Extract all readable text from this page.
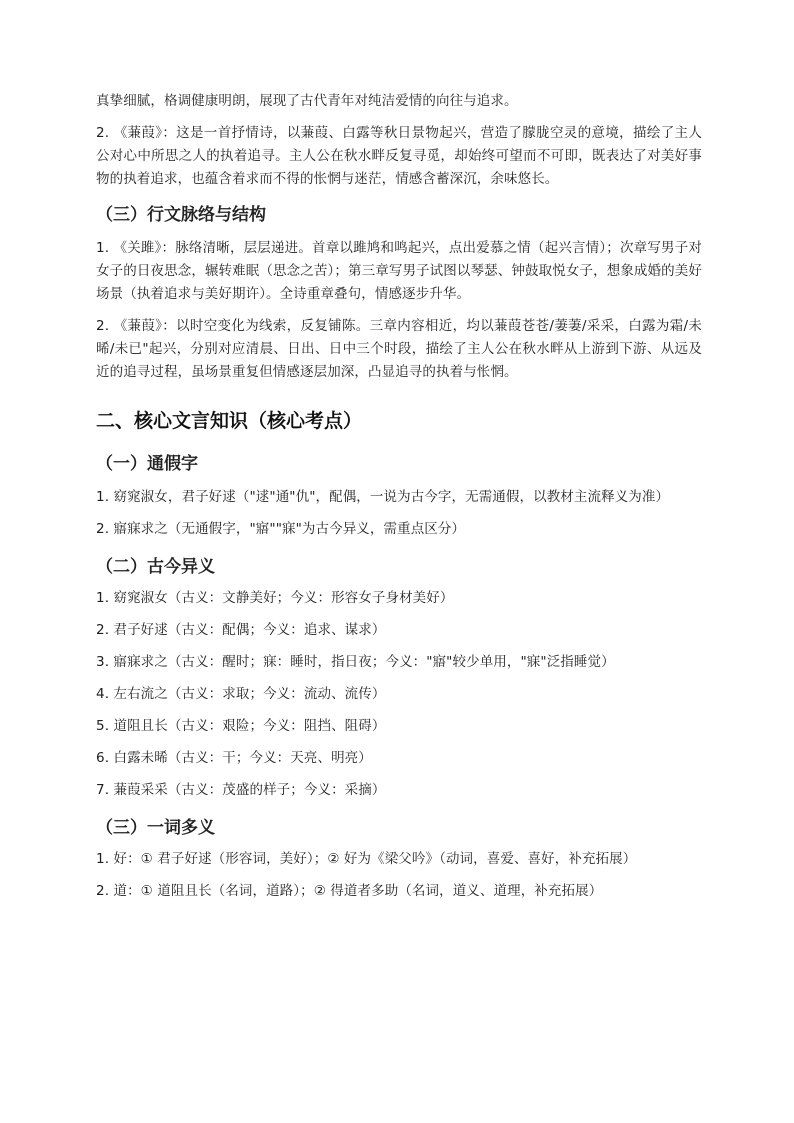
真挚细腻，格调健康明朗，展现了古代青年对纯洁爱情的向往与追求。

2. 《蒹葭》：这是一首抒情诗，以蒹葭、白露等秋日景物起兴，营造了朦胧空灵的意境，描绘了主人公对心中所思之人的执着追寻。主人公在秋水畔反复寻觅，却始终可望而不可即，既表达了对美好事物的执着追求，也蕴含着求而不得的怅惘与迷茫，情感含蓄深沉，余味悠长。

（三）行文脉络与结构

1. 《关雎》：脉络清晰，层层递进。首章以雎鸠和鸣起兴，点出爱慕之情（起兴言情）；次章写男子对女子的日夜思念，辗转难眠（思念之苦）；第三章写男子试图以琴瑟、钟鼓取悦女子，想象成婚的美好场景（执着追求与美好期许）。全诗重章叠句，情感逐步升华。

2. 《蒹葭》：以时空变化为线索，反复铺陈。三章内容相近，均以蒹葭苍苍/萋萋/采采，白露为霜/未晞/未已"起兴，分别对应清晨、日出、日中三个时段，描绘了主人公在秋水畔从上游到下游、从远及近的追寻过程，虽场景重复但情感逐层加深，凸显追寻的执着与怅惘。

二、核心文言知识（核心考点）
（一）通假字

1. 窈窕淑女，君子好逑（"逑"通"仇"，配偶，一说为古今字，无需通假，以教材主流释义为准）

2. 寤寐求之（无通假字，"寤""寐"为古今异义，需重点区分）

（二）古今异义

1. 窈窕淑女（古义：文静美好；今义：形容女子身材美好）

2. 君子好逑（古义：配偶；今义：追求、谋求）

3. 寤寐求之（古义：醒时；寐：睡时，指日夜；今义："寤"较少单用，"寐"泛指睡觉）

4. 左右流之（古义：求取；今义：流动、流传）

5. 道阻且长（古义：艰险；今义：阻挡、阻碍）

6. 白露未晞（古义：干；今义：天亮、明亮）

7. 蒹葭采采（古义：茂盛的样子；今义：采摘）

（三）一词多义

1. 好：① 君子好逑（形容词，美好）；② 好为《梁父吟》（动词，喜爱、喜好，补充拓展）

2. 道：① 道阻且长（名词，道路）；② 得道者多助（名词，道义、道理，补充拓展）
